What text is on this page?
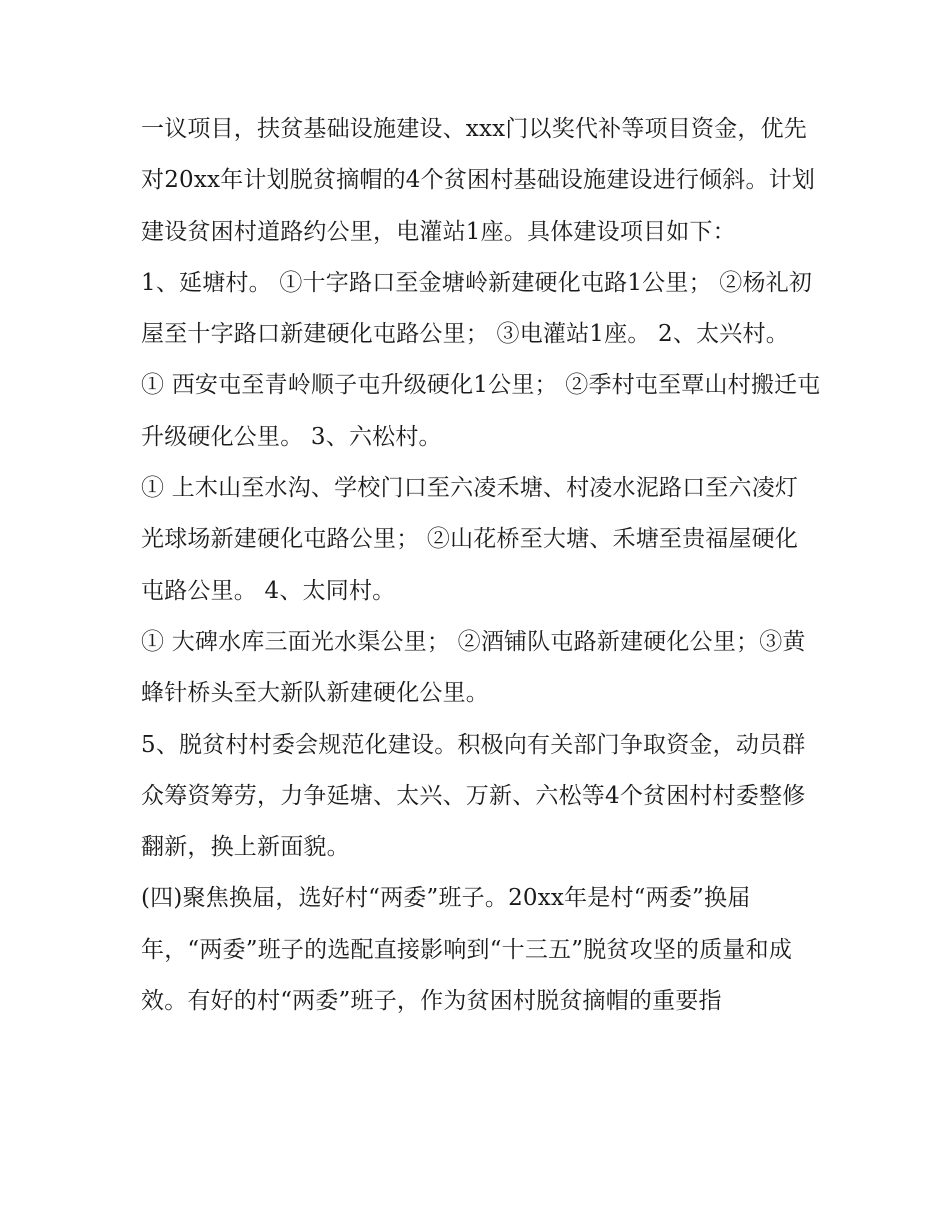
一议项目，扶贫基础设施建设、xxx门以奖代补等项目资金，优先对20xx年计划脱贫摘帽的4个贫困村基础设施建设进行倾斜。计划建设贫困村道路约公里，电灌站1座。具体建设项目如下：

1、延塘村。 ①十字路口至金塘岭新建硬化屯路1公里； ②杨礼初屋至十字路口新建硬化屯路公里； ③电灌站1座。 2、太兴村。

① 西安屯至青岭顺子屯升级硬化1公里； ②季村屯至覃山村搬迁屯升级硬化公里。 3、六松村。

① 上木山至水沟、学校门口至六凌禾塘、村凌水泥路口至六凌灯光球场新建硬化屯路公里； ②山花桥至大塘、禾塘至贵福屋硬化屯路公里。 4、太同村。

① 大碑水库三面光水渠公里； ②酒铺队屯路新建硬化公里；③黄蜂针桥头至大新队新建硬化公里。

5、脱贫村村委会规范化建设。积极向有关部门争取资金，动员群众筹资筹劳，力争延塘、太兴、万新、六松等4个贫困村村委整修翻新，换上新面貌。

(四)聚焦换届，选好村“两委”班子。20xx年是村“两委”换届年，“两委”班子的选配直接影响到“十三五”脱贫攻坚的质量和成效。有好的村“两委”班子，作为贫困村脱贫摘帽的重要指
